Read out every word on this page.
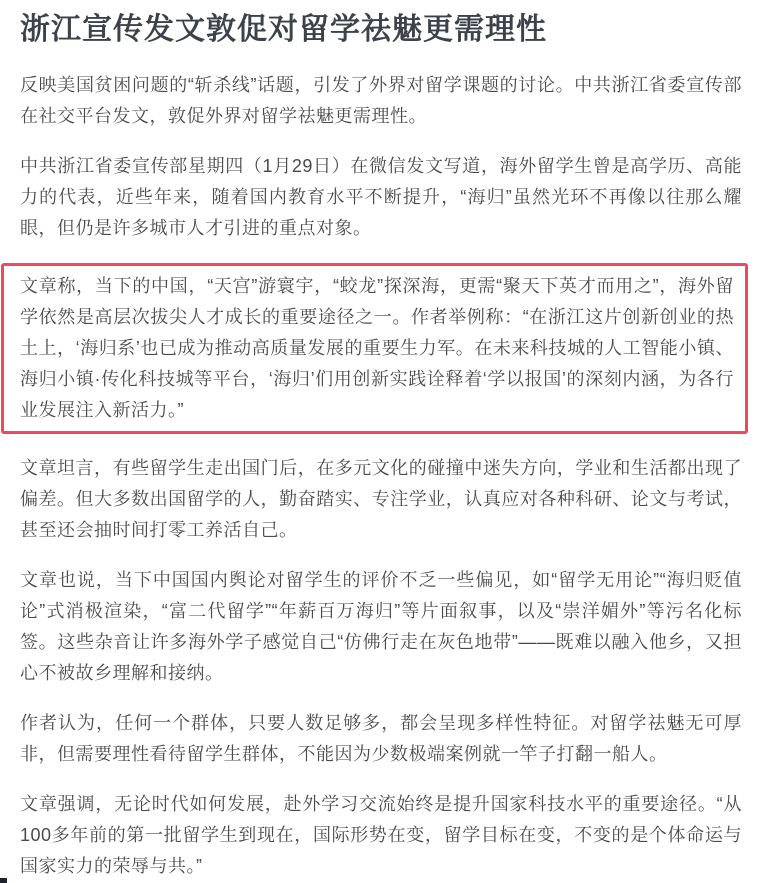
浙江宣传发文敦促对留学祛魅更需理性

反映美国贫困问题的“斩杀线”话题，引发了外界对留学课题的讨论。中共浙江省委宣传部在社交平台发文，敦促外界对留学祛魅更需理性。

中共浙江省委宣传部星期四（1月29日）在微信发文写道，海外留学生曾是高学历、高能力的代表，近些年来，随着国内教育水平不断提升，“海归”虽然光环不再像以往那么耀眼，但仍是许多城市人才引进的重点对象。

文章称，当下的中国，“天宫”游寰宇，“蛟龙”探深海，更需“聚天下英才而用之”，海外留学依然是高层次拔尖人才成长的重要途径之一。作者举例称：“在浙江这片创新创业的热土上，‘海归系’也已成为推动高质量发展的重要生力军。在未来科技城的人工智能小镇、海归小镇·传化科技城等平台，‘海归’们用创新实践诠释着‘学以报国’的深刻内涵，为各行业发展注入新活力。”

文章坦言，有些留学生走出国门后，在多元文化的碰撞中迷失方向，学业和生活都出现了偏差。但大多数出国留学的人，勤奋踏实、专注学业，认真应对各种科研、论文与考试，甚至还会抽时间打零工养活自己。

文章也说，当下中国国内舆论对留学生的评价不乏一些偏见，如“留学无用论”“海归贬值论”式消极渲染，“富二代留学”“年薪百万海归”等片面叙事，以及“崇洋媚外”等污名化标签。这些杂音让许多海外学子感觉自己“仿佛行走在灰色地带”——既难以融入他乡，又担心不被故乡理解和接纳。

作者认为，任何一个群体，只要人数足够多，都会呈现多样性特征。对留学祛魅无可厚非，但需要理性看待留学生群体，不能因为少数极端案例就一竿子打翻一船人。

文章强调，无论时代如何发展，赴外学习交流始终是提升国家科技水平的重要途径。“从100多年前的第一批留学生到现在，国际形势在变，留学目标在变，不变的是个体命运与国家实力的荣辱与共。”
